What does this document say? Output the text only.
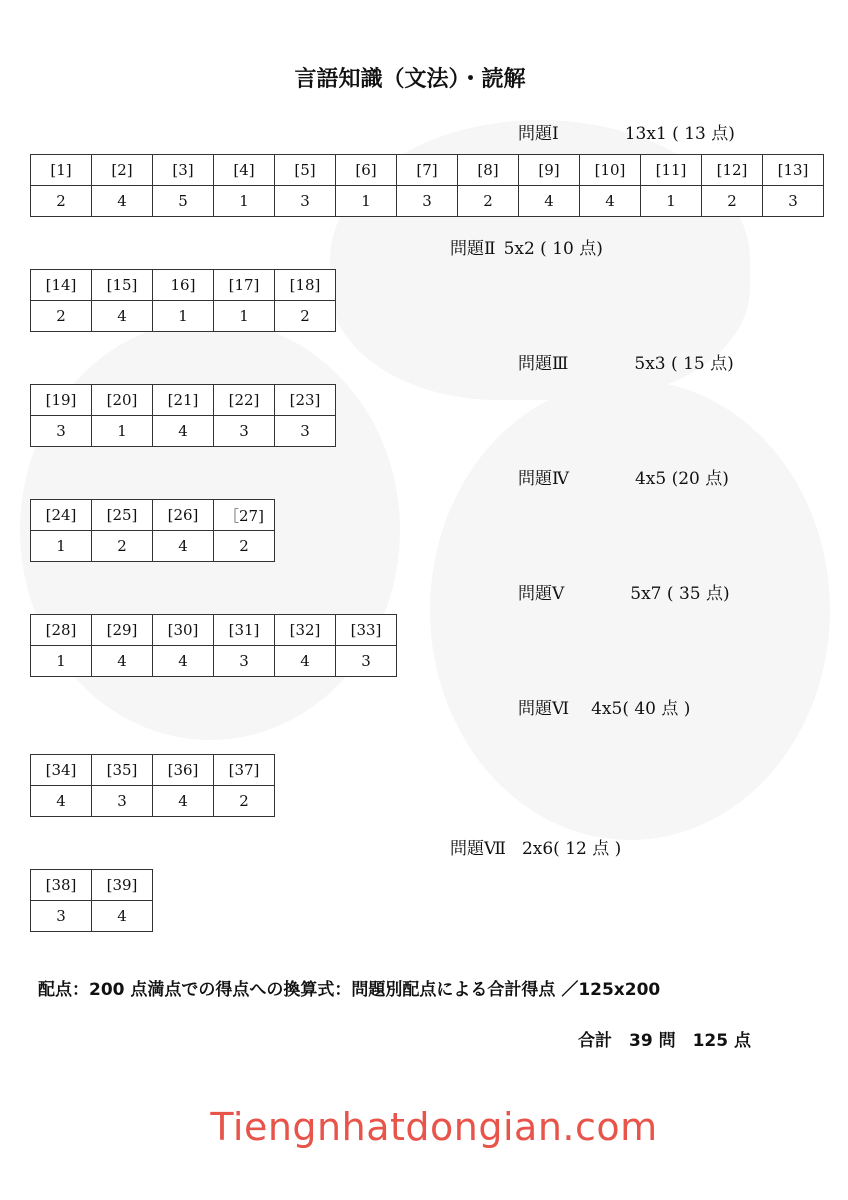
言語知識（文法）・読解
問題Ⅰ	13x1 ( 13 点)
問題Ⅱ 5x2 ( 10 点)
問題Ⅲ	5x3 ( 15 点)
問題Ⅳ	4x5 (20 点)
問題Ⅴ	5x7 ( 35 点)
問題Ⅵ 4x5( 40 点 )
問題Ⅶ 2x6( 12 点 )
[1]	[2]	[3]	[4]	[5]	[6]	[7]	[8]	[9]	[10]	[11]	[12]	[13]
2	4	5	1	3	1	3	2	4	4	1	2	3
[14]	[15]	16]	[17]	[18]
2	4	1	1	2
[19]	[20]	[21]	[22]	[23]
3	1	4	3	3
[24]	[25]	[26]	［27]
1	2	4	2
[28]	[29]	[30]	[31]	[32]	[33]
1	4	4	3	4	3
[34]	[35]	[36]	[37]
4	3	4	2
[38]	[39]
3	4
配点：200 点満点での得点への換算式：問題別配点による合計得点 ／125x200
合計　39 問　125 点
Tiengnhatdongian.com
